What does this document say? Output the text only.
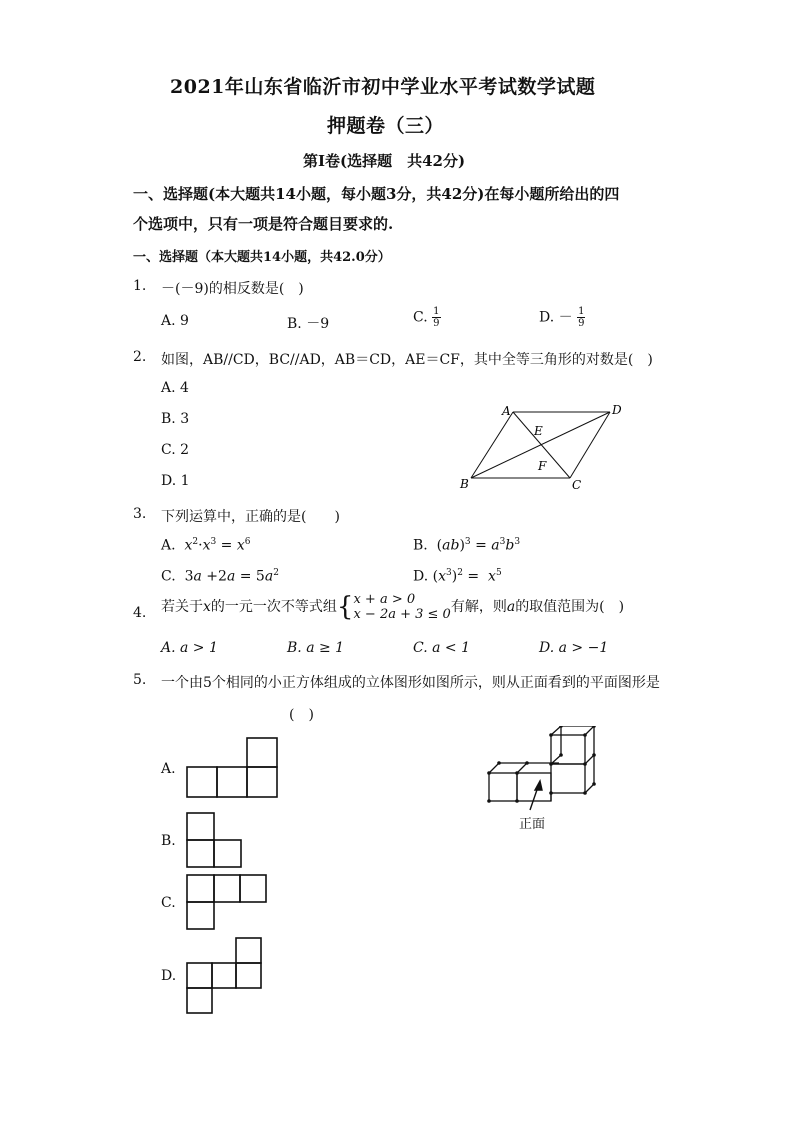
2021年山东省临沂市初中学业水平考试数学试题
押题卷（三）
第Ⅰ卷(选择题　共42分)
一、选择题(本大题共14小题，每小题3分，共42分)在每小题所给出的四
个选项中，只有一项是符合题目要求的.
一、选择题（本大题共14小题，共42.0分）
1. －(－9)的相反数是(　)
A. 9	B. －9	C. $\frac{1}{9}$	D. － $\frac{1}{9}$
2. 如图，AB//CD，BC//AD，AB＝CD，AE＝CF，其中全等三角形的对数是(　)
A. 4
B. 3
C. 2
D. 1
A	D
E
F
B	C
3. 下列运算中，正确的是(　　)
A. $x^2\cdot x^3 = x^6$	B.  $(ab)^3 = a^3b^3$
C.  $3a +2a = 5a^2$	D. $(x^3)^2 = x^5$
4. 若关于x的一元一次不等式组{ x + a > 0
x − 2a + 3 ≤ 0 有解，则a的取值范围为(　)
A. a > 1	B. a ≥ 1	C. a < 1	D. a > −1
5. 一个由5个相同的小正方体组成的立体图形如图所示，则从正面看到的平面图形是
(　)
A.
B.
C.
D.
正面
